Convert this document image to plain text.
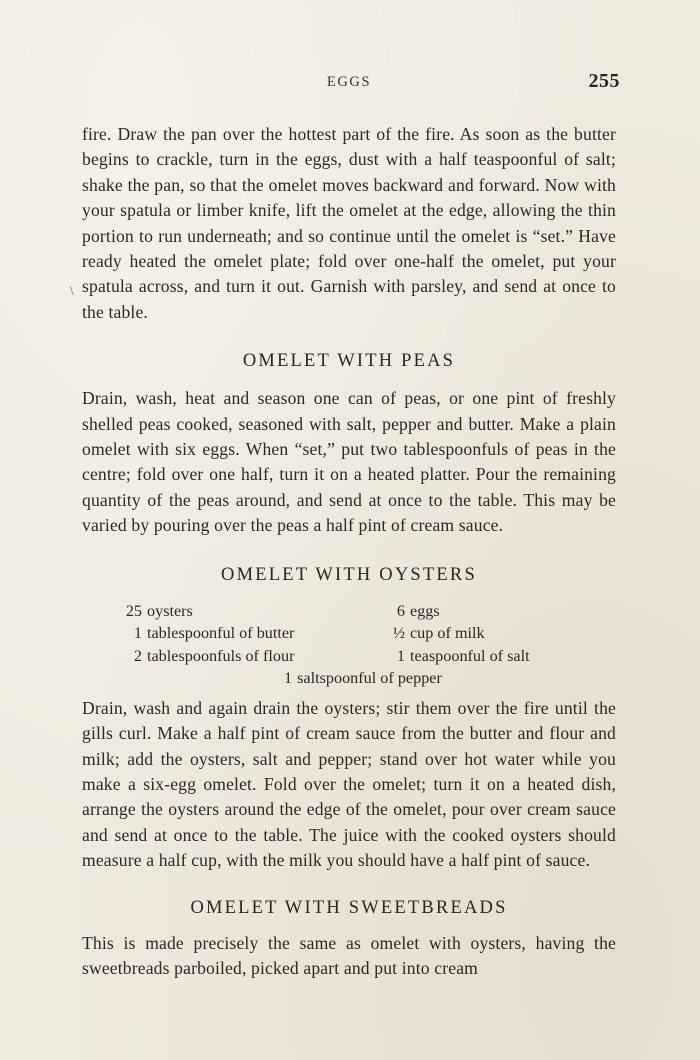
\
EGGS	255

fire. Draw the pan over the hottest part of the fire. As soon as the butter begins to crackle, turn in the eggs, dust with a half teaspoonful of salt; shake the pan, so that the omelet moves backward and forward. Now with your spatula or limber knife, lift the omelet at the edge, allowing the thin portion to run underneath; and so continue until the omelet is “set.” Have ready heated the omelet plate; fold over one-half the omelet, put your spatula across, and turn it out. Garnish with parsley, and send at once to the table.

OMELET WITH PEAS

Drain, wash, heat and season one can of peas, or one pint of freshly shelled peas cooked, seasoned with salt, pepper and butter. Make a plain omelet with six eggs. When “set,” put two tablespoonfuls of peas in the centre; fold over one half, turn it on a heated platter. Pour the remaining quantity of the peas around, and send at once to the table. This may be varied by pouring over the peas a half pint of cream sauce.

OMELET WITH OYSTERS
25 oysters	6 eggs
1 tablespoonful of butter	½ cup of milk
2 tablespoonfuls of flour	1 teaspoonful of salt
1 saltspoonful of pepper

Drain, wash and again drain the oysters; stir them over the fire until the gills curl. Make a half pint of cream sauce from the butter and flour and milk; add the oysters, salt and pepper; stand over hot water while you make a six-egg omelet. Fold over the omelet; turn it on a heated dish, arrange the oysters around the edge of the omelet, pour over cream sauce and send at once to the table. The juice with the cooked oysters should measure a half cup, with the milk you should have a half pint of sauce.

OMELET WITH SWEETBREADS

This is made precisely the same as omelet with oysters, having the sweetbreads parboiled, picked apart and put into cream
